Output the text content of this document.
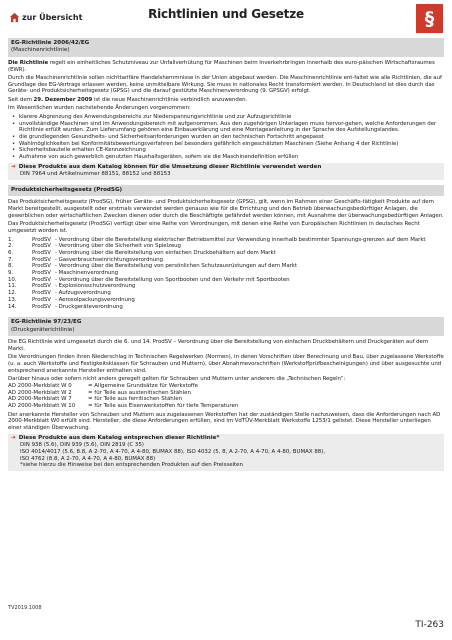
zur Übersicht	Richtlinien und Gesetze	§
EG-Richtlinie 2006/42/EG
(Maschinenrichtlinie)

Die Richtlinie regelt ein einheitliches Schutzniveau zur Unfallverhütung für Maschinen beim Inverkehrbringen innerhalb des euro-päischen Wirtschaftsraumes (EWR).

Durch die Maschinenrichtlinie sollen nichttarifäre Handelshemmnisse in der Union abgebaut werden. Die Maschinenrichtlinie ent-faltet wie alle Richtlinien, die auf Grundlage des EG-Vertrags erlassen werden, keine unmittelbare Wirkung. Sie muss in nationales Recht transformiert werden. In Deutschland ist dies durch das Geräte- und Produktsicherheitsgesetz (GPSG) und die darauf gestützte Maschinenverordnung (9. GPSGV) erfolgt.

Seit dem 29. Dezember 2009 ist die neue Maschinenrichtlinie verbindlich anzuwenden.

Im Wesentlichen wurden nachstehende Änderungen vorgenommen:

• klarere Abgrenzung des Anwendungsbereichs zur Niederspannungsrichtlinie und zur Aufzugsrichtlinie
• unvollständige Maschinen sind im Anwendungsbereich mit aufgenommen. Aus den zugehörigen Unterlagen muss hervor-gehen, welche Anforderungen der Richtlinie erfüllt wurden. Zum Lieferumfang gehören eine Einbauerklärung und eine Montageanleitung in der Sprache des Aufstellungslandes.
• die grundlegenden Gesundheits- und Sicherheitsanforderungen wurden an den technischen Fortschritt angepasst
• Wahlmöglichkeiten bei Konformitätsbewertungsverfahren bei besonders gefährlich eingeschätzten Maschinen (Siehe Anhang 4 der Richtlinie)
• Sicherheitsbauteile erhalten CE-Kennzeichnung
• Aufnahme von auch gewerblich genutzten Haushaltsgeräten, sofern sie die Maschinendefinition erfüllen
➜ Diese Produkte aus dem Katalog können für die Umsetzung dieser Richtlinie verwendet werden
DIN 7964 und Artikelnummer 88151, 88152 und 88153
Produktsicherheitsgesetz (ProdSG)

Das Produktsicherheitsgesetz (ProdSG), früher Geräte- und Produktsicherheitsgesetz (GPSG), gilt, wenn im Rahmen einer Geschäfts-tätigkeit Produkte auf dem Markt bereitgestellt, ausgestellt oder erstmals verwendet werden genauso wie für die Errichtung und den Betrieb überwachungsbedürftiger Anlagen, die gewerblichen oder wirtschaftlichen Zwecken dienen oder durch die Beschäftigte gefährdet werden können, mit Ausnahme der überwachungsbedürftigen Anlagen.

Das Produktsicherheitsgesetz (ProdSG) verfügt über eine Reihe von Verordnungen, mit denen eine Reihe von Europäischen Richtlinien in deutsches Recht umgesetzt worden ist.

1.	ProdSV	- Verordnung über die Bereitstellung elektrischer Betriebsmittel zur Verwendung innerhalb bestimmter Spannungs-grenzen auf dem Markt
2.	ProdSV	- Verordnung über die Sicherheit von Spielzeug
6.	ProdSV	- Verordnung über die Bereitstellung von einfachen Druckbehältern auf dem Markt
7.	ProdSV	- Gasverbrauchseinrichtungsverordnung
8.	ProdSV	- Verordnung über die Bereitstellung von persönlichen Schutzausrüstungen auf dem Markt
9.	ProdSV	- Maschinenverordnung
10.	ProdSV	- Verordnung über die Bereitstellung von Sportbooten und den Verkehr mit Sportbooten
11.	ProdSV	- Explosionsschutzverordnung
12.	ProdSV	- Aufzugsverordnung
13.	ProdSV	- Aerosolpackungsverordnung
14.	ProdSV	- Druckgeräteverordnung
EG-Richtlinie 97/23/EG
(Druckgeräterichtlinie)

Die EG Richtlinie wird umgesetzt durch die 6. und 14. ProdSV – Verordnung über die Bereitstellung von einfachen Druckbehältern und Druckgeräten auf dem Markt.

Die Verordnungen finden ihren Niederschlag in Technischen Regelwerken (Normen), in denen Vorschriften über Berechnung und Bau, über zugelassene Werkstoffe (u. a. auch Werkstoffe und Festigkeitsklassen für Schrauben und Muttern), über Abnahmevorschriften (Werkstoffprüfbescheinigungen) und über ausgesuchte und entsprechend anerkannte Hersteller enthalten sind.

Darüber hinaus oder sofern nicht anders geregelt gelten für Schrauben und Muttern unter anderem die „Technischen Regeln“:

AD 2000-Merkblatt W 0	= Allgemeine Grundsätze für Werkstoffe
AD 2000-Merkblatt W 2	= für Teile aus austenitischen Stählen
AD 2000-Merkblatt W 7	= für Teile aus ferritischen Stählen
AD 2000-Merkblatt W 10	= für Teile aus Eisenwerkstoffen für tiefe Temperaturen

Der anerkannte Hersteller von Schrauben und Muttern aus zugelassenen Werkstoffen hat der zuständigen Stelle nachzuweisen, dass die Anforderungen nach AD 2000-Merkblatt W0 erfüllt sind. Hersteller, die diese Anforderungen erfüllen, sind im VdTÜV-Merkblatt Werkstoffe 1253/1 gelistet. Diese Hersteller unterliegen einer ständigen Überwachung.

➜ Diese Produkte aus dem Katalog entsprechen dieser Richtlinie*
DIN 938 (5.6), DIN 939 (5.6), DIN 2819 (C 35)
ISO 4014/4017 (5.6, 8.8, A 2-70, A 4-70, A 4-80, BUMAX 88), ISO 4032 (5, 8, A 2-70, A 4-70, A 4-80, BUMAX 88),
ISO 4762 (8.8, A 2-70, A 4-70, A 4-80, BUMAX 88)
*siehe hierzu die Hinweise bei den entsprechenden Produkten auf den Preisseiten
TV2019.1008
TI-263
